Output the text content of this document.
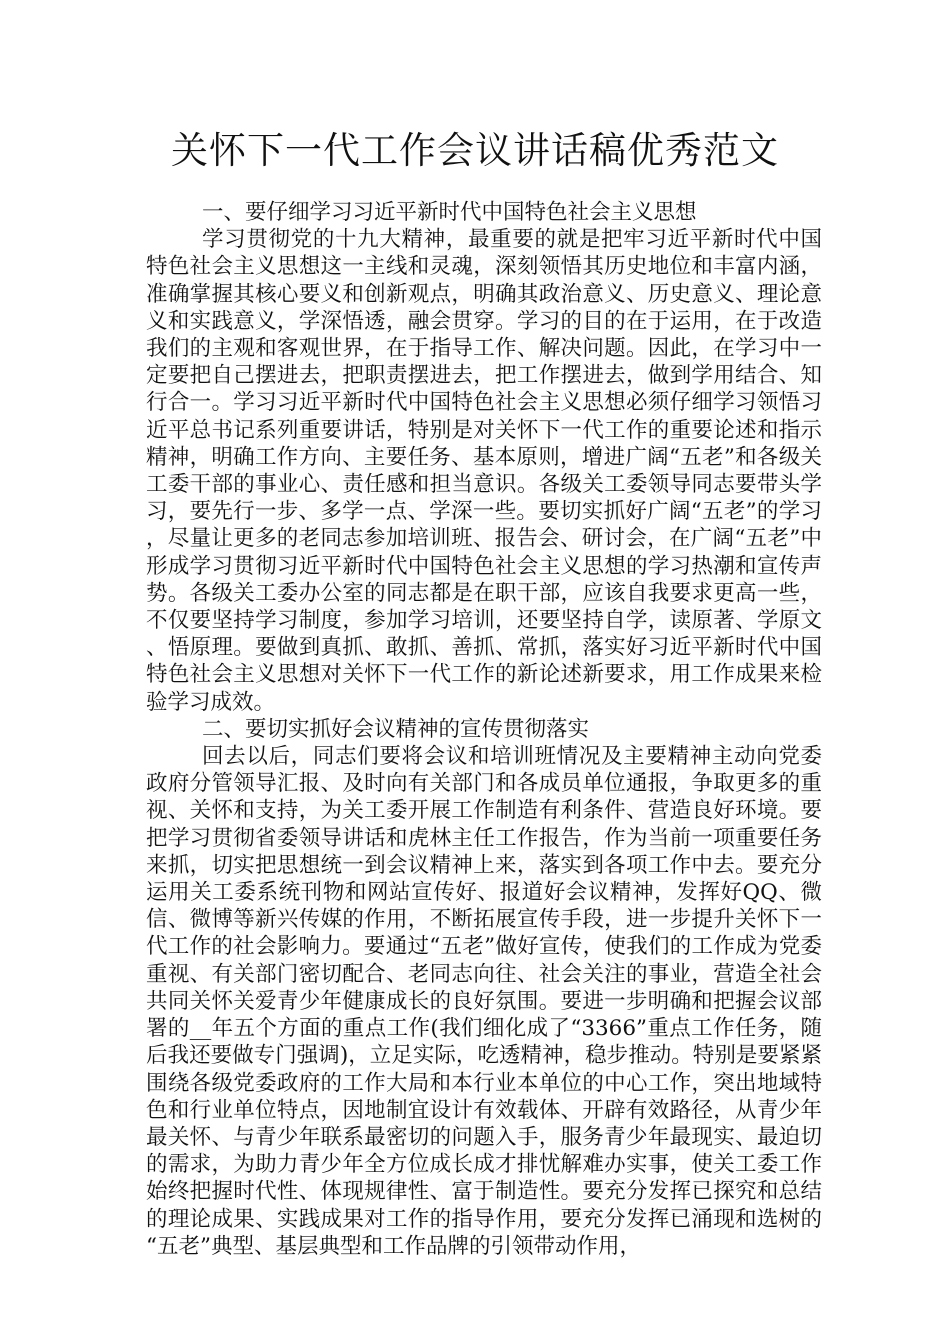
关怀下一代工作会议讲话稿优秀范文

一、要仔细学习习近平新时代中国特色社会主义思想

学习贯彻党的十九大精神，最重要的就是把牢习近平新时代中国特色社会主义思想这一主线和灵魂，深刻领悟其历史地位和丰富内涵，准确掌握其核心要义和创新观点，明确其政治意义、历史意义、理论意义和实践意义，学深悟透，融会贯穿。学习的目的在于运用，在于改造我们的主观和客观世界，在于指导工作、解决问题。因此，在学习中一定要把自己摆进去，把职责摆进去，把工作摆进去，做到学用结合、知行合一。学习习近平新时代中国特色社会主义思想必须仔细学习领悟习近平总书记系列重要讲话，特别是对关怀下一代工作的重要论述和指示精神，明确工作方向、主要任务、基本原则，增进广阔“五老”和各级关工委干部的事业心、责任感和担当意识。各级关工委领导同志要带头学习，要先行一步、多学一点、学深一些。要切实抓好广阔“五老”的学习，尽量让更多的老同志参加培训班、报告会、研讨会，在广阔“五老”中形成学习贯彻习近平新时代中国特色社会主义思想的学习热潮和宣传声势。各级关工委办公室的同志都是在职干部，应该自我要求更高一些，不仅要坚持学习制度，参加学习培训，还要坚持自学，读原著、学原文、悟原理。要做到真抓、敢抓、善抓、常抓，落实好习近平新时代中国特色社会主义思想对关怀下一代工作的新论述新要求，用工作成果来检验学习成效。

二、要切实抓好会议精神的宣传贯彻落实

回去以后，同志们要将会议和培训班情况及主要精神主动向党委政府分管领导汇报、及时向有关部门和各成员单位通报，争取更多的重视、关怀和支持，为关工委开展工作制造有利条件、营造良好环境。要把学习贯彻省委领导讲话和虎林主任工作报告，作为当前一项重要任务来抓，切实把思想统一到会议精神上来，落实到各项工作中去。要充分运用关工委系统刊物和网站宣传好、报道好会议精神，发挥好QQ、微信、微博等新兴传媒的作用，不断拓展宣传手段，进一步提升关怀下一代工作的社会影响力。要通过“五老”做好宣传，使我们的工作成为党委重视、有关部门密切配合、老同志向往、社会关注的事业，营造全社会共同关怀关爱青少年健康成长的良好氛围。要进一步明确和把握会议部署的__年五个方面的重点工作(我们细化成了“3366”重点工作任务，随后我还要做专门强调)，立足实际，吃透精神，稳步推动。特别是要紧紧围绕各级党委政府的工作大局和本行业本单位的中心工作，突出地域特色和行业单位特点，因地制宜设计有效载体、开辟有效路径，从青少年最关怀、与青少年联系最密切的问题入手，服务青少年最现实、最迫切的需求，为助力青少年全方位成长成才排忧解难办实事，使关工委工作始终把握时代性、体现规律性、富于制造性。要充分发挥已探究和总结的理论成果、实践成果对工作的指导作用，要充分发挥已涌现和选树的“五老”典型、基层典型和工作品牌的引领带动作用，
